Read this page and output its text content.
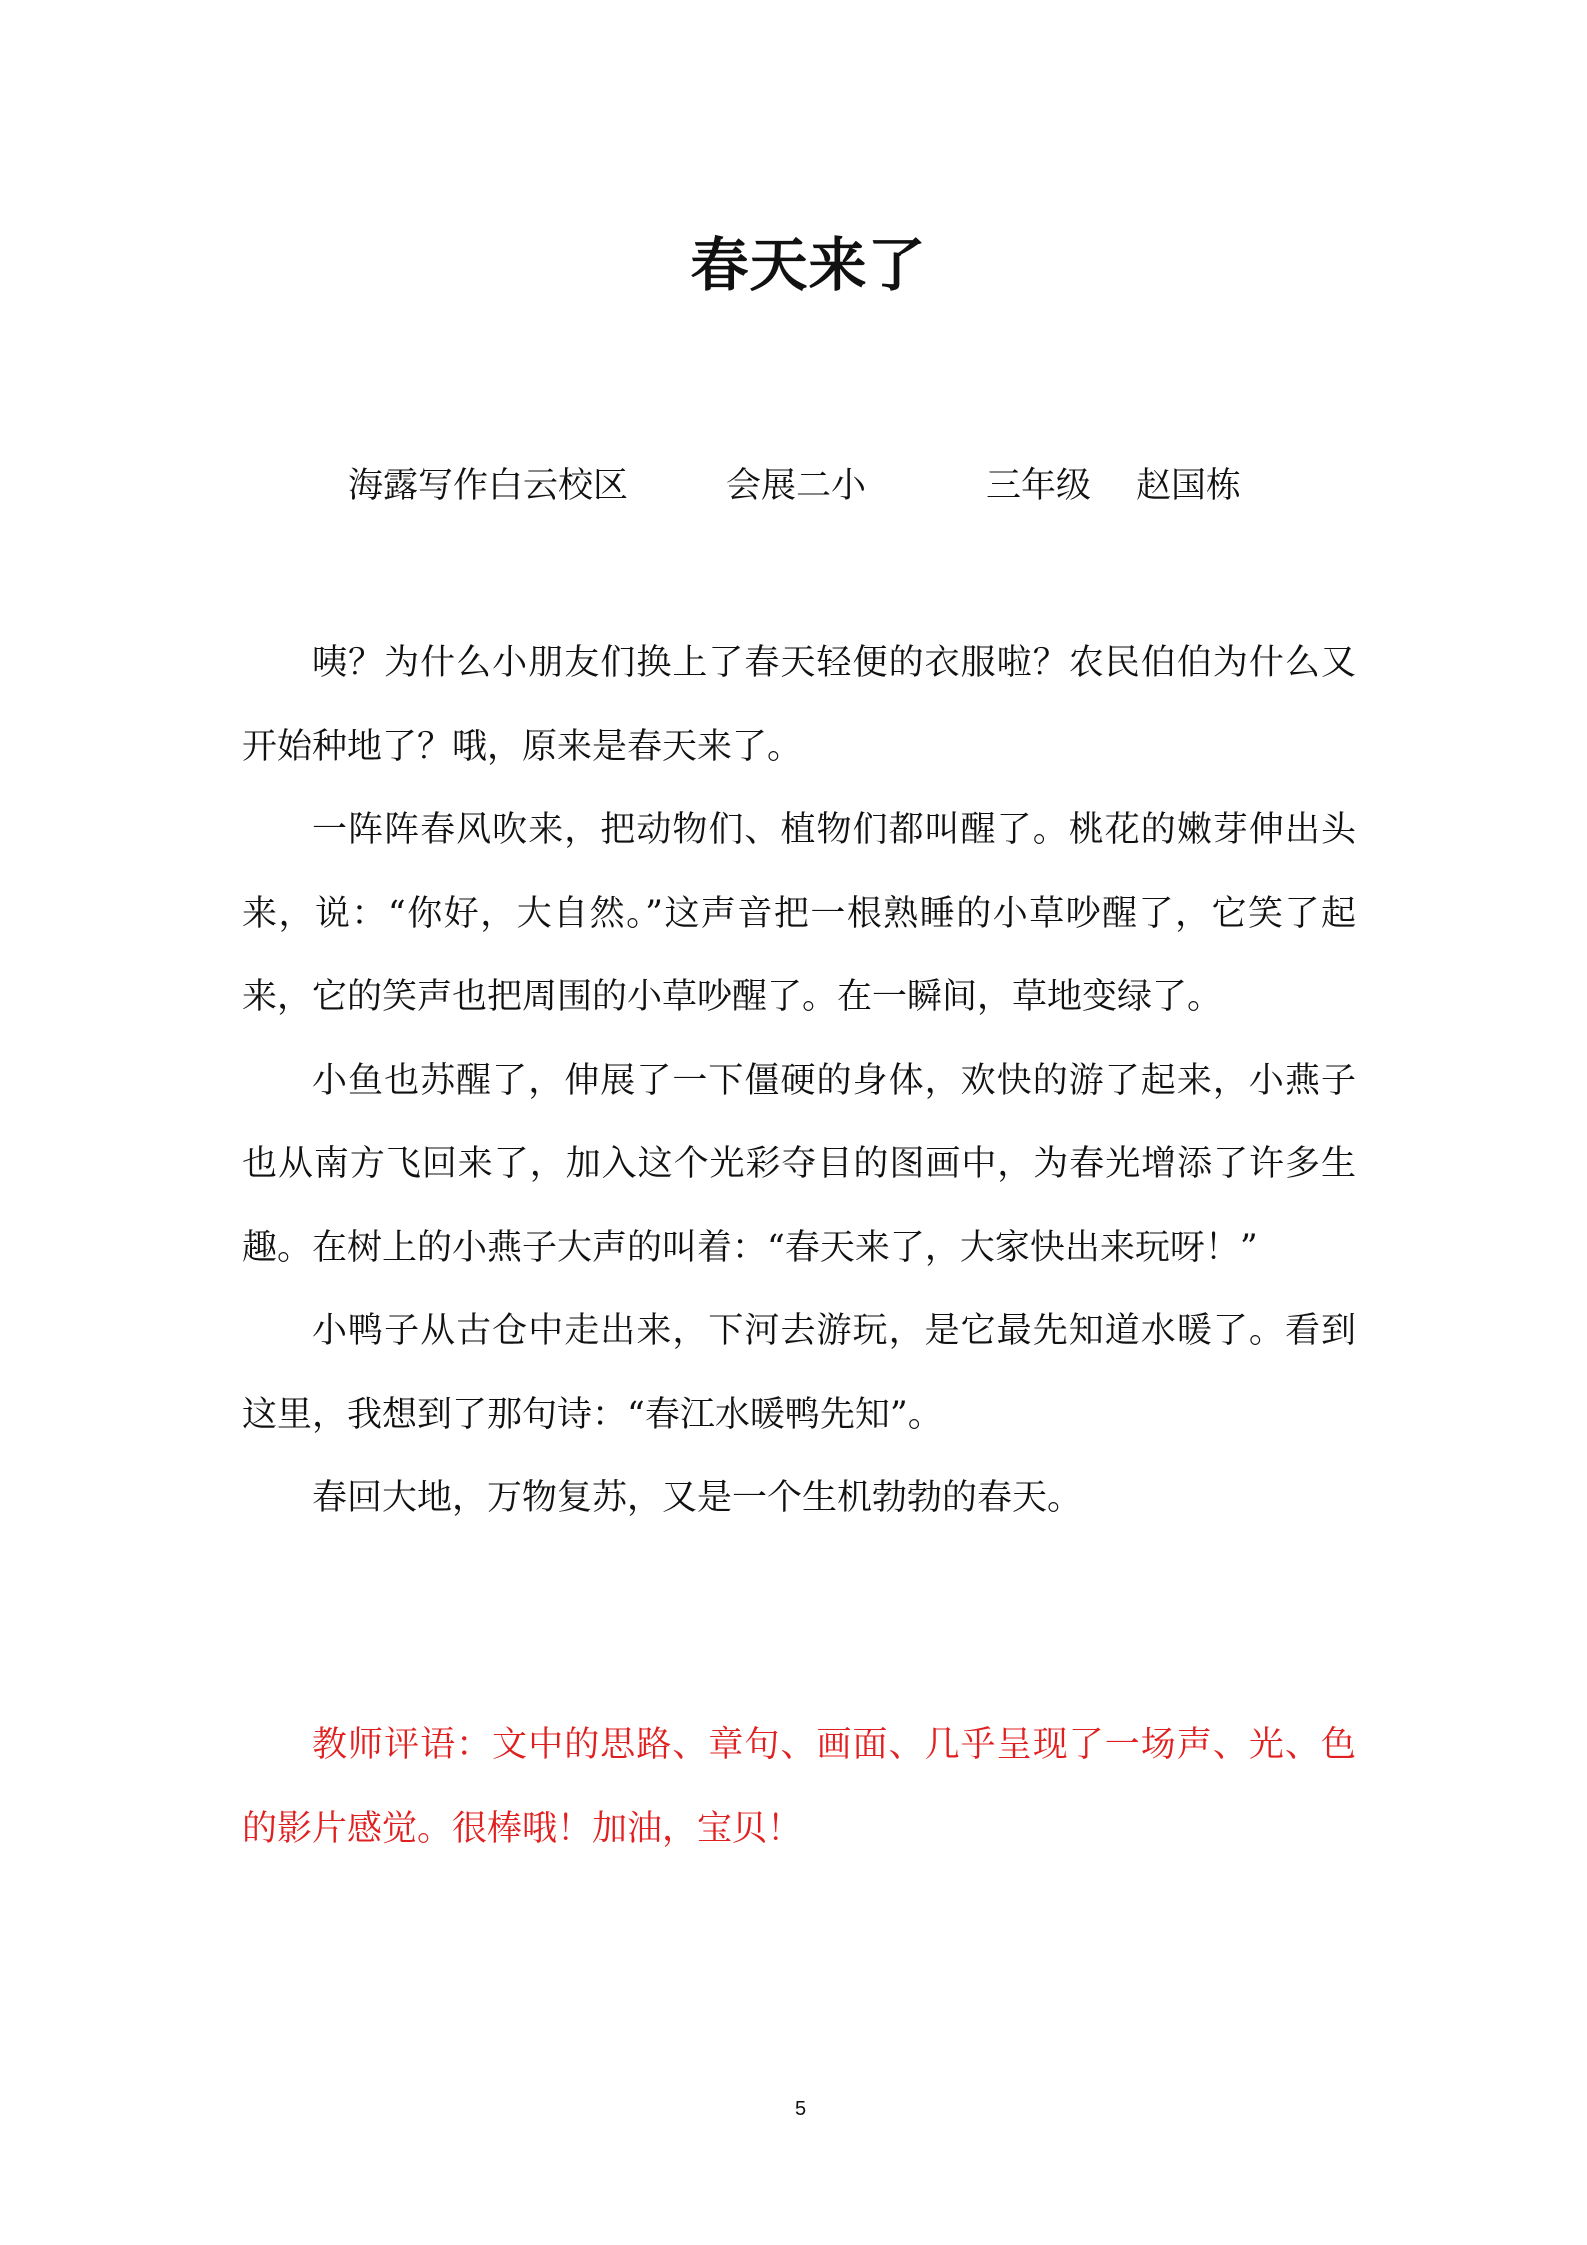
春天来了
海露写作白云校区	会展二小	三年级 赵国栋

咦？为什么小朋友们换上了春天轻便的衣服啦？农民伯伯为什么又开始种地了？哦，原来是春天来了。

一阵阵春风吹来，把动物们、植物们都叫醒了。桃花的嫩芽伸出头来，说：“你好，大自然。”这声音把一根熟睡的小草吵醒了，它笑了起来，它的笑声也把周围的小草吵醒了。在一瞬间，草地变绿了。

小鱼也苏醒了，伸展了一下僵硬的身体，欢快的游了起来，小燕子也从南方飞回来了，加入这个光彩夺目的图画中，为春光增添了许多生趣。在树上的小燕子大声的叫着：“春天来了，大家快出来玩呀！”

小鸭子从古仓中走出来，下河去游玩，是它最先知道水暖了。看到这里，我想到了那句诗：“春江水暖鸭先知”。

春回大地，万物复苏，又是一个生机勃勃的春天。

教师评语：文中的思路、章句、画面、几乎呈现了一场声、光、色的影片感觉。很棒哦！加油，宝贝！

5
